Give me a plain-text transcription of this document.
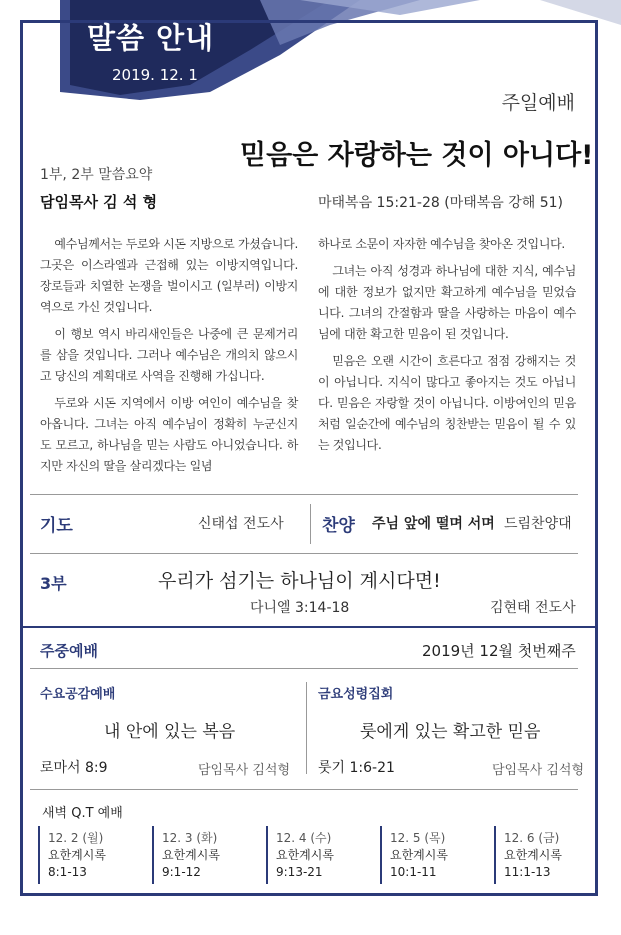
말씀 안내
2019. 12. 1
주일예배
믿음은 자랑하는 것이 아니다!
1부, 2부 말씀요약
담임목사 김 석 형	마태복음 15:21-28 (마태복음 강해 51)

예수님께서는 두로와 시돈 지방으로 가셨습니다. 그곳은 이스라엘과 근접해 있는 이방지역입니다. 장로들과 치열한 논쟁을 벌이시고 (일부러) 이방지역으로 가신 것입니다.

이 행보 역시 바리새인들은 나중에 큰 문제거리를 삼을 것입니다. 그러나 예수님은 개의치 않으시고 당신의 계획대로 사역을 진행해 가십니다.

두로와 시돈 지역에서 이방 여인이 예수님을 찾아옵니다. 그녀는 아직 예수님이 정확히 누군신지도 모르고, 하나님을 믿는 사람도 아니었습니다. 하지만 자신의 딸을 살리겠다는 일념

하나로 소문이 자자한 예수님을 찾아온 것입니다.

그녀는 아직 성경과 하나님에 대한 지식, 예수님에 대한 정보가 없지만 확고하게 예수님을 믿었습니다. 그녀의 간절함과 딸을 사랑하는 마음이 예수님에 대한 확고한 믿음이 된 것입니다.

믿음은 오랜 시간이 흐른다고 점점 강해지는 것이 아닙니다. 지식이 많다고 좋아지는 것도 아닙니다. 믿음은 자랑할 것이 아닙니다. 이방여인의 믿음처럼 일순간에 예수님의 칭찬받는 믿음이 될 수 있는 것입니다.

기도	신태섭 전도사 찬양 주님 앞에 떨며 서며 드림찬양대
3부	우리가 섬기는 하나님이 계시다면!
다니엘 3:14-18	김현태 전도사
주중예배	2019년 12월 첫번째주
수요공감예배
내 안에 있는 복음
로마서 8:9	담임목사 김석형
금요성령집회
룻에게 있는 확고한 믿음
룻기 1:6-21	담임목사 김석형
새벽 Q.T 예배
12. 2 (월)
요한계시록
8:1-13
12. 3 (화)
요한계시록
9:1-12
12. 4 (수)
요한계시록
9:13-21
12. 5 (목)
요한계시록
10:1-11
12. 6 (금)
요한계시록
11:1-13
